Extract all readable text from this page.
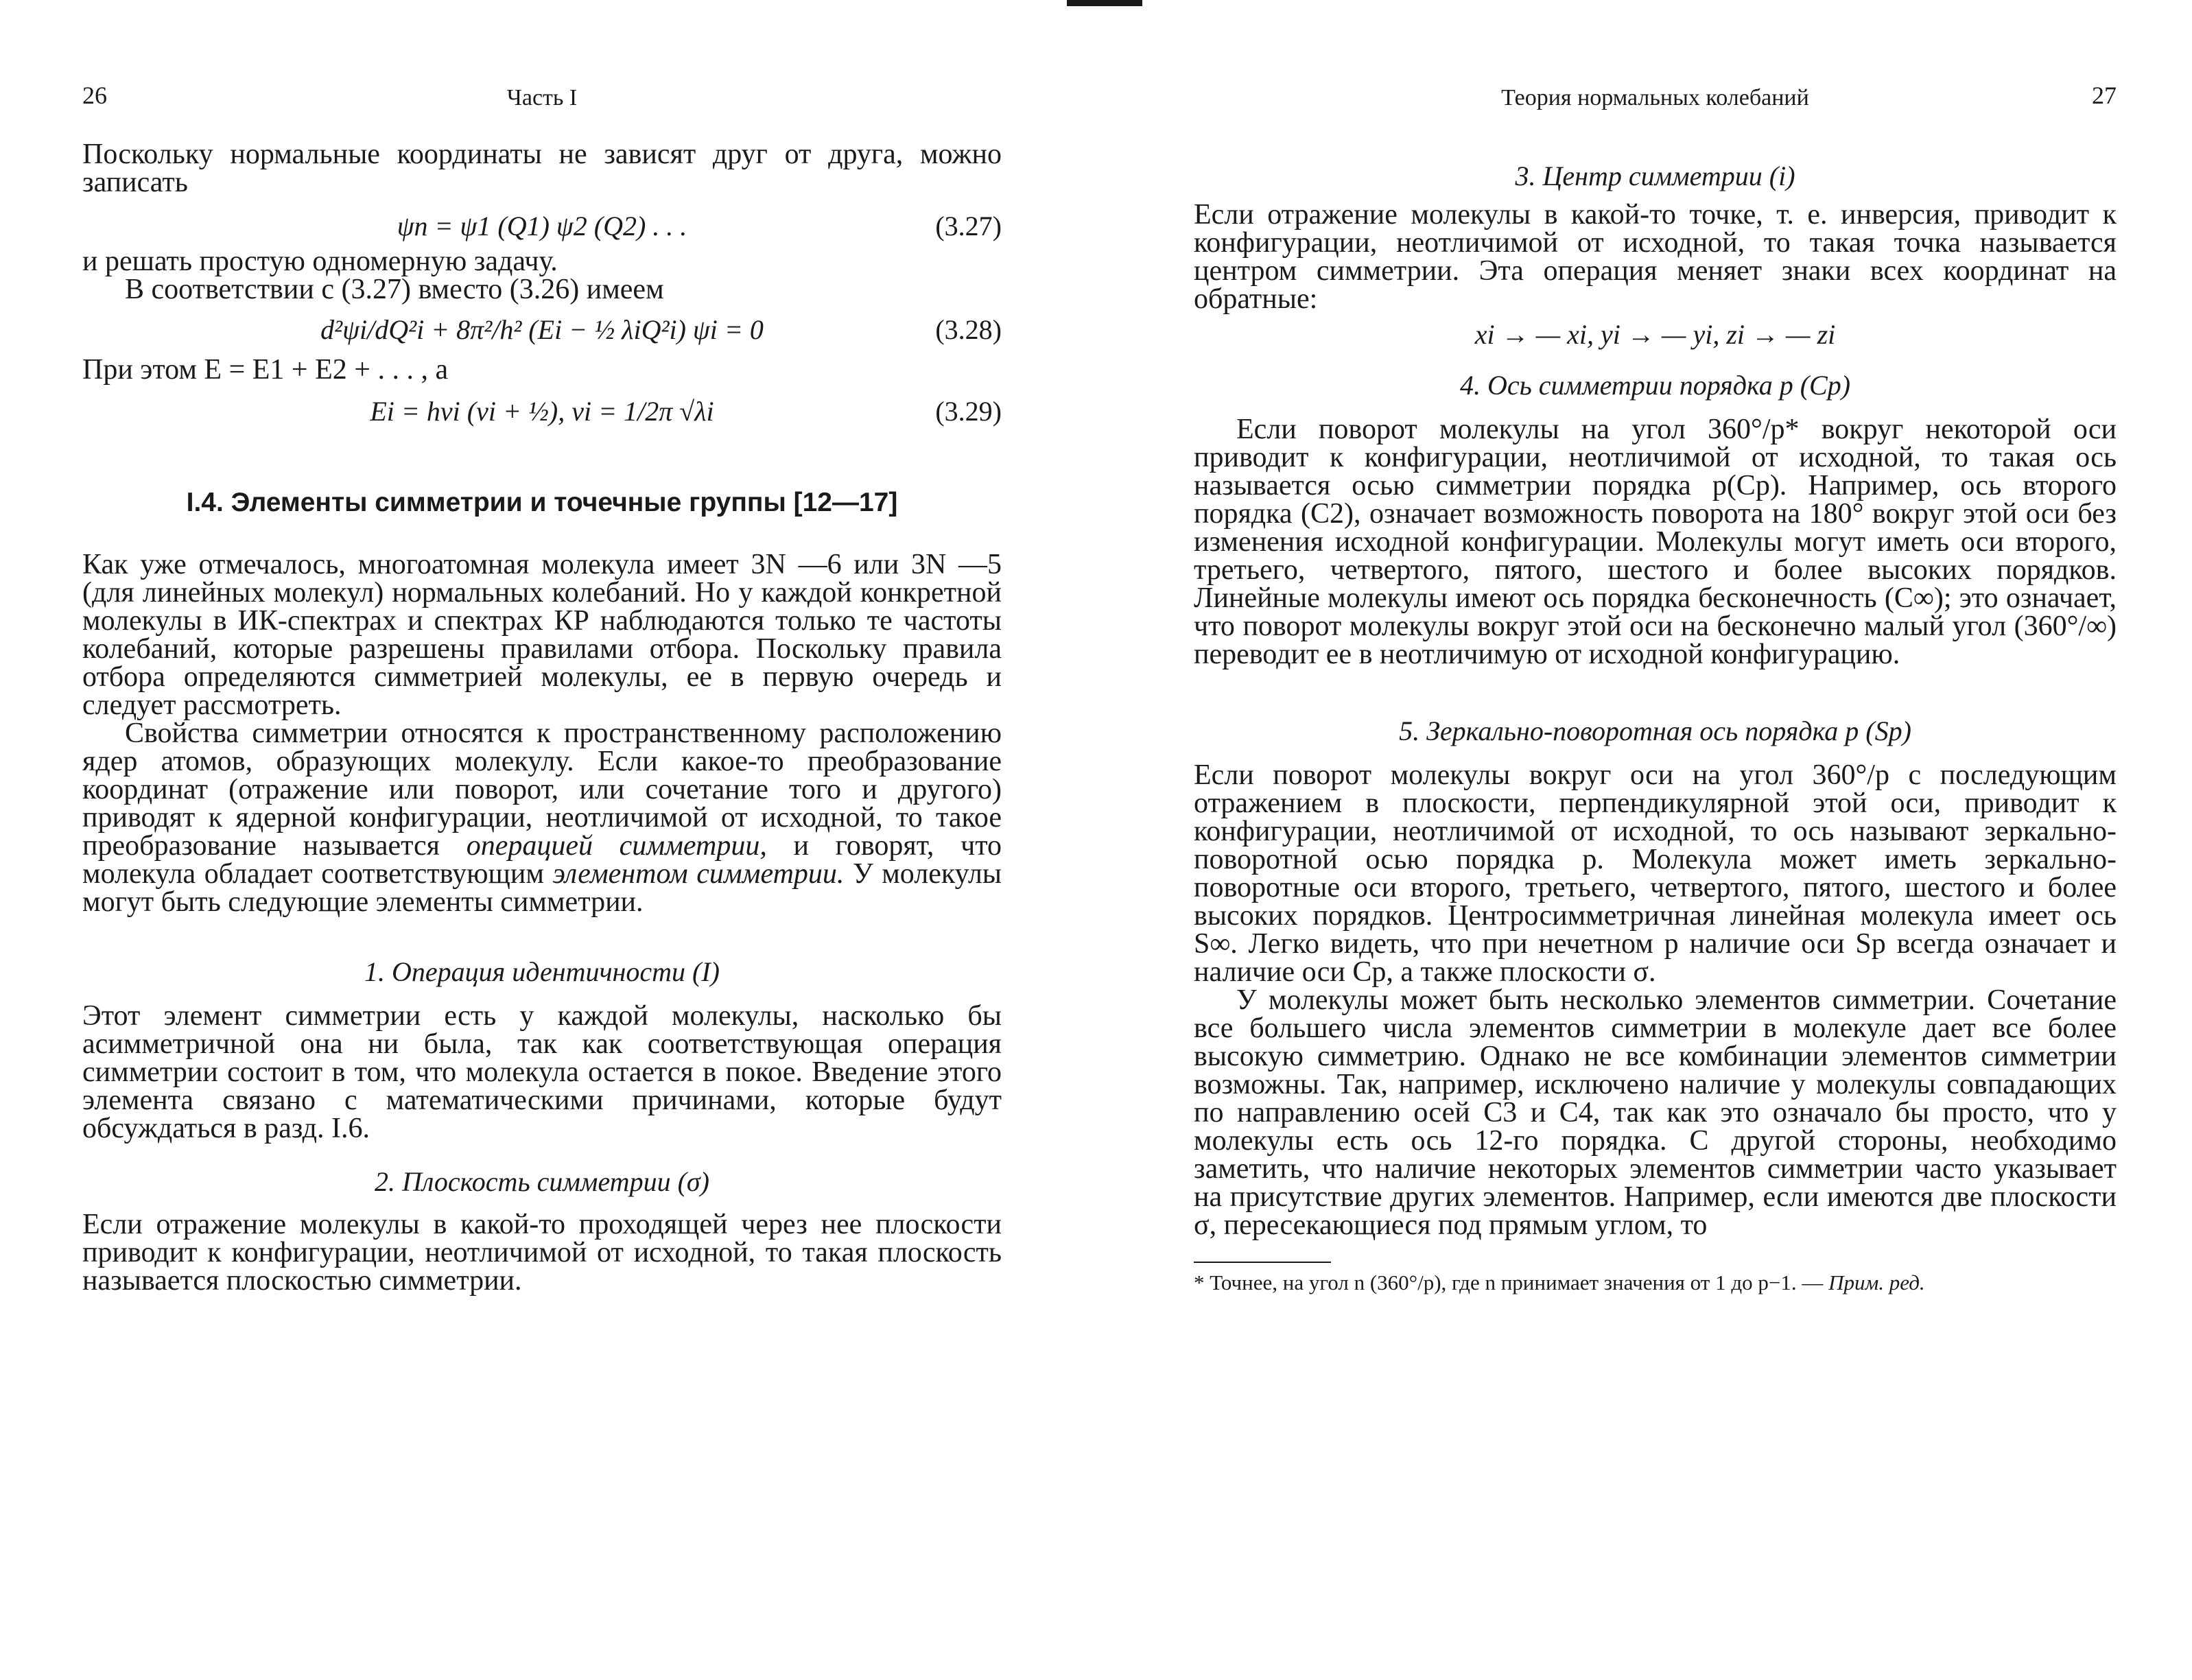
26	Часть I

Поскольку нормальные координаты не зависят друг от друга, можно записать

ψn = ψ1 (Q1) ψ2 (Q2) . . .	(3.27)

и решать простую одномерную задачу.

В соответствии с (3.27) вместо (3.26) имеем

d²ψi/dQ²i + 8π²/h² (Ei − ½ λiQ²i) ψi = 0	(3.28)

При этом E = E1 + E2 + . . . , а

Ei = hνi (vi + ½), νi = 1/2π √λi	(3.29)

I.4. Элементы симметрии и точечные группы [12—17]

Как уже отмечалось, многоатомная молекула имеет 3N —6 или 3N —5 (для линейных молекул) нормальных колебаний. Но у каждой конкретной молекулы в ИК-спектрах и спектрах КР наблюдаются только те частоты колебаний, которые разрешены правилами отбора. Поскольку правила отбора определяются симметрией молекулы, ее в первую очередь и следует рассмотреть.

Свойства симметрии относятся к пространственному расположению ядер атомов, образующих молекулу. Если какое-то преобразование координат (отражение или поворот, или сочетание того и другого) приводят к ядерной конфигурации, неотличимой от исходной, то такое преобразование называется операцией симметрии, и говорят, что молекула обладает соответствующим элементом симметрии. У молекулы могут быть следующие элементы симметрии.

1. Операция идентичности (I)

Этот элемент симметрии есть у каждой молекулы, насколько бы асимметричной она ни была, так как соответствующая операция симметрии состоит в том, что молекула остается в покое. Введение этого элемента связано с математическими причинами, которые будут обсуждаться в разд. I.6.

2. Плоскость симметрии (σ)

Если отражение молекулы в какой-то проходящей через нее плоскости приводит к конфигурации, неотличимой от исходной, то такая плоскость называется плоскостью симметрии.

Теория нормальных колебаний	27

3. Центр симметрии (i)

Если отражение молекулы в какой-то точке, т. е. инверсия, приводит к конфигурации, неотличимой от исходной, то такая точка называется центром симметрии. Эта операция меняет знаки всех координат на обратные:

xi → — xi, yi → — yi, zi → — zi

4. Ось симметрии порядка p (Cp)

Если поворот молекулы на угол 360°/p* вокруг некоторой оси приводит к конфигурации, неотличимой от исходной, то такая ось называется осью симметрии порядка p(Cp). Например, ось второго порядка (C2), означает возможность поворота на 180° вокруг этой оси без изменения исходной конфигурации. Молекулы могут иметь оси второго, третьего, четвертого, пятого, шестого и более высоких порядков. Линейные молекулы имеют ось порядка бесконечность (C∞); это означает, что поворот молекулы вокруг этой оси на бесконечно малый угол (360°/∞) переводит ее в неотличимую от исходной конфигурацию.

5. Зеркально-поворотная ось порядка p (Sp)

Если поворот молекулы вокруг оси на угол 360°/p с последующим отражением в плоскости, перпендикулярной этой оси, приводит к конфигурации, неотличимой от исходной, то ось называют зеркально-поворотной осью порядка p. Молекула может иметь зеркально-поворотные оси второго, третьего, четвертого, пятого, шестого и более высоких порядков. Центросимметричная линейная молекула имеет ось S∞. Легко видеть, что при нечетном p наличие оси Sp всегда означает и наличие оси Cp, а также плоскости σ.

У молекулы может быть несколько элементов симметрии. Сочетание все большего числа элементов симметрии в молекуле дает все более высокую симметрию. Однако не все комбинации элементов симметрии возможны. Так, например, исключено наличие у молекулы совпадающих по направлению осей C3 и C4, так как это означало бы просто, что у молекулы есть ось 12-го порядка. С другой стороны, необходимо заметить, что наличие некоторых элементов симметрии часто указывает на присутствие других элементов. Например, если имеются две плоскости σ, пересекающиеся под прямым углом, то

* Точнее, на угол n (360°/p), где n принимает значения от 1 до p−1. — Прим. ред.
